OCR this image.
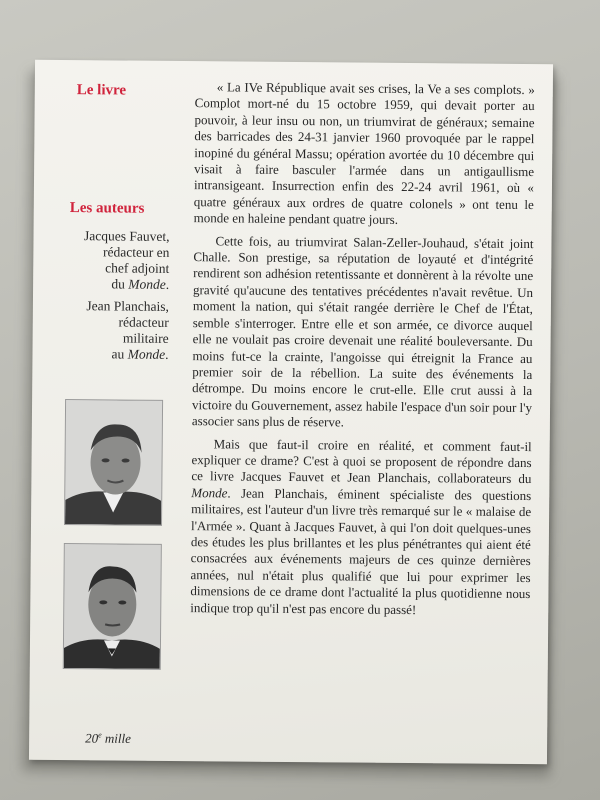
Le livre

Les auteurs

Jacques Fauvet,
rédacteur en
chef adjoint
du Monde.
Jean Planchais,
rédacteur
militaire
au Monde.
20e mille

« La IVe République avait ses crises, la Ve a ses complots. » Complot mort-né du 15 octobre 1959, qui devait porter au pouvoir, à leur insu ou non, un triumvirat de généraux; semaine des barricades des 24-31 janvier 1960 provoquée par le rappel inopiné du général Massu; opération avortée du 10 décembre qui visait à faire basculer l'armée dans un antigaullisme intransigeant. Insurrection enfin des 22-24 avril 1961, où « quatre généraux aux ordres de quatre colonels » ont tenu le monde en haleine pendant quatre jours.

Cette fois, au triumvirat Salan-Zeller-Jouhaud, s'était joint Challe. Son prestige, sa réputation de loyauté et d'intégrité rendirent son adhésion retentissante et donnèrent à la révolte une gravité qu'aucune des tentatives précédentes n'avait revêtue. Un moment la nation, qui s'était rangée derrière le Chef de l'État, semble s'interroger. Entre elle et son armée, ce divorce auquel elle ne voulait pas croire devenait une réalité bouleversante. Du moins fut-ce la crainte, l'angoisse qui étreignit la France au premier soir de la rébellion. La suite des événements la détrompe. Du moins encore le crut-elle. Elle crut aussi à la victoire du Gouvernement, assez habile l'espace d'un soir pour l'y associer sans plus de réserve.

Mais que faut-il croire en réalité, et comment faut-il expliquer ce drame? C'est à quoi se proposent de répondre dans ce livre Jacques Fauvet et Jean Planchais, collaborateurs du Monde. Jean Planchais, éminent spécialiste des questions militaires, est l'auteur d'un livre très remarqué sur le « malaise de l'Armée ». Quant à Jacques Fauvet, à qui l'on doit quelques-unes des études les plus brillantes et les plus pénétrantes qui aient été consacrées aux événements majeurs de ces quinze dernières années, nul n'était plus qualifié que lui pour exprimer les dimensions de ce drame dont l'actualité la plus quotidienne nous indique trop qu'il n'est pas encore du passé!
